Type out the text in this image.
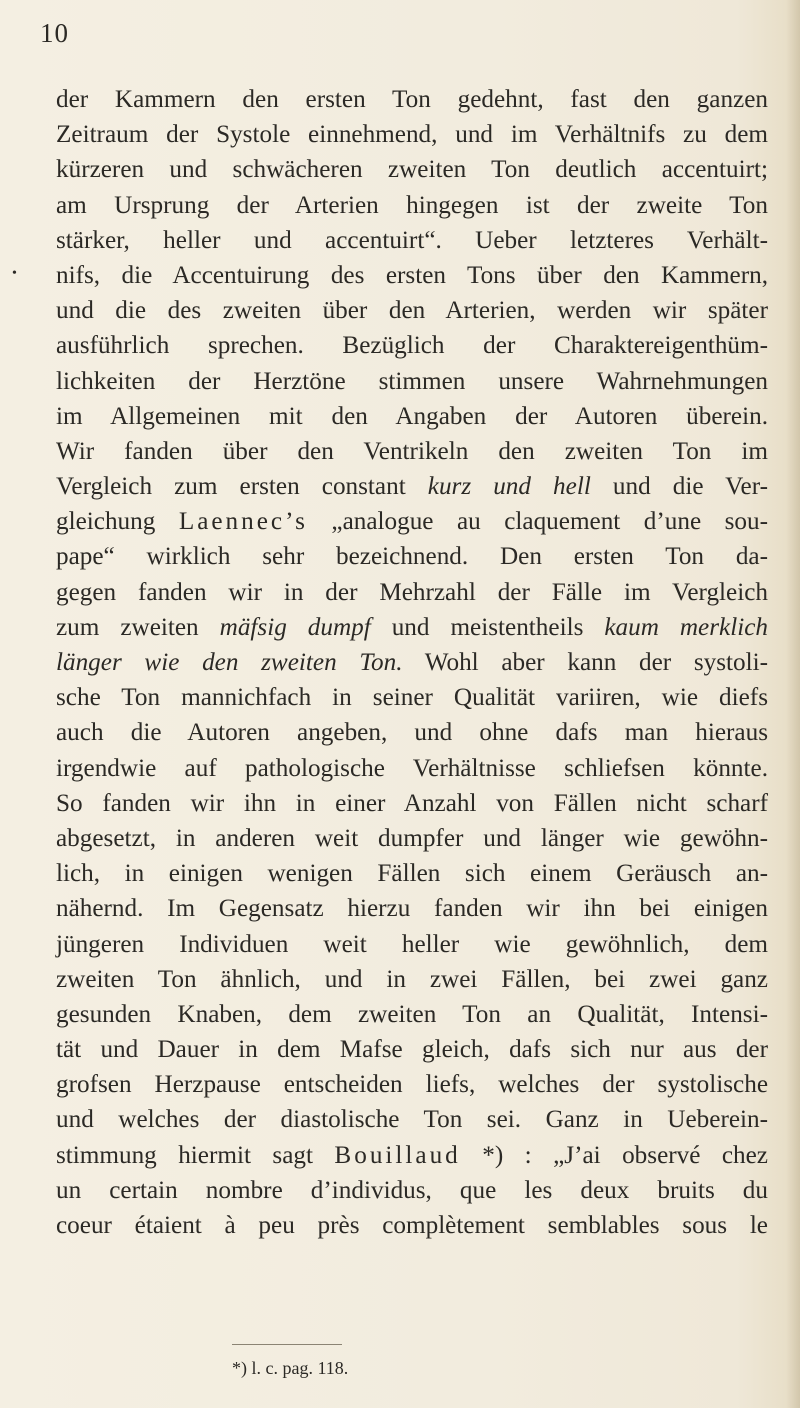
10
•
der Kammern den ersten Ton gedehnt, fast den ganzen
Zeitraum der Systole einnehmend, und im Verhältnifs zu dem
kürzeren und schwächeren zweiten Ton deutlich accentuirt;
am Ursprung der Arterien hingegen ist der zweite Ton
stärker, heller und accentuirt“. Ueber letzteres Verhält-
nifs, die Accentuirung des ersten Tons über den Kammern,
und die des zweiten über den Arterien, werden wir später
ausführlich sprechen. Bezüglich der Charaktereigenthüm-
lichkeiten der Herztöne stimmen unsere Wahrnehmungen
im Allgemeinen mit den Angaben der Autoren überein.
Wir fanden über den Ventrikeln den zweiten Ton im
Vergleich zum ersten constant kurz und hell und die Ver-
gleichung Laennec’s „analogue au claquement d’une sou-
pape“ wirklich sehr bezeichnend. Den ersten Ton da-
gegen fanden wir in der Mehrzahl der Fälle im Vergleich
zum zweiten mäfsig dumpf und meistentheils kaum merklich
länger wie den zweiten Ton. Wohl aber kann der systoli-
sche Ton mannichfach in seiner Qualität variiren, wie diefs
auch die Autoren angeben, und ohne dafs man hieraus
irgendwie auf pathologische Verhältnisse schliefsen könnte.
So fanden wir ihn in einer Anzahl von Fällen nicht scharf
abgesetzt, in anderen weit dumpfer und länger wie gewöhn-
lich, in einigen wenigen Fällen sich einem Geräusch an-
nähernd. Im Gegensatz hierzu fanden wir ihn bei einigen
jüngeren Individuen weit heller wie gewöhnlich, dem
zweiten Ton ähnlich, und in zwei Fällen, bei zwei ganz
gesunden Knaben, dem zweiten Ton an Qualität, Intensi-
tät und Dauer in dem Mafse gleich, dafs sich nur aus der
grofsen Herzpause entscheiden liefs, welches der systolische
und welches der diastolische Ton sei. Ganz in Ueberein-
stimmung hiermit sagt Bouillaud *) : „J’ai observé chez
un certain nombre d’individus, que les deux bruits du
coeur étaient à peu près complètement semblables sous le
*) l. c. pag. 118.
